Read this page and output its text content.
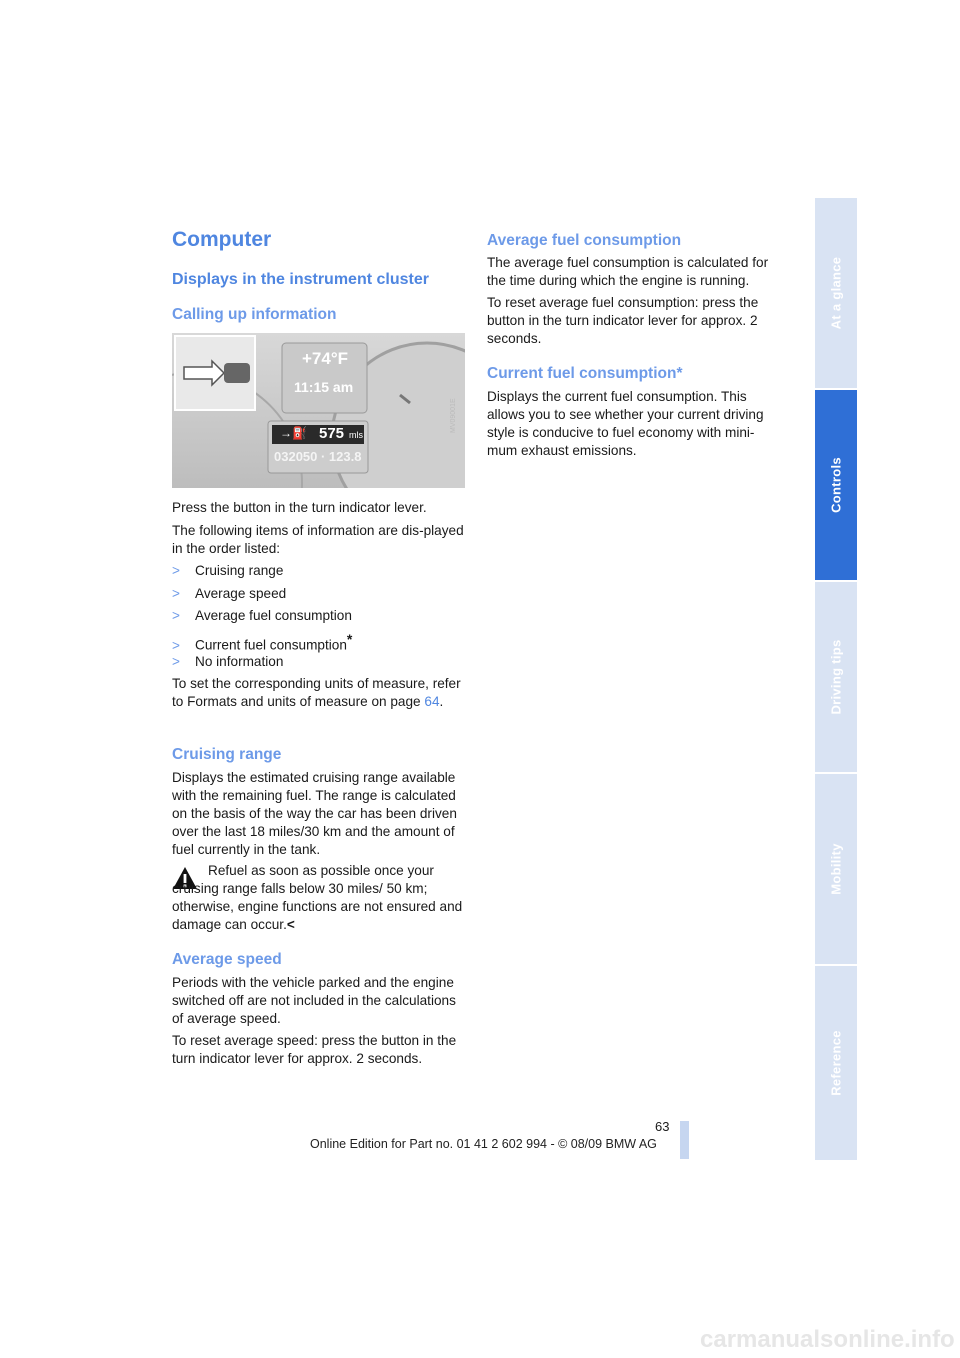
At a glance
Controls
Driving tips
Mobility
Reference
Computer
Displays in the instrument cluster
Calling up information
+74°F
11:15 am
→⛽ 575 mls
032050 · 123.8
MV09001E

Press the button in the turn indicator lever.

The following items of information are dis-played in the order listed:

> Cruising range
> Average speed
> Average fuel consumption
> Current fuel consumption*
> No information

To set the corresponding units of measure, refer to Formats and units of measure on page 64.

Cruising range

Displays the estimated cruising range available with the remaining fuel. The range is calculated on the basis of the way the car has been driven over the last 18 miles/30 km and the amount of fuel currently in the tank.

Refuel as soon as possible once your cruising range falls below 30 miles/ 50 km; otherwise, engine functions are not ensured and damage can occur.<

Average speed

Periods with the vehicle parked and the engine switched off are not included in the calculations of average speed.

To reset average speed: press the button in the turn indicator lever for approx. 2 seconds.

Average fuel consumption

The average fuel consumption is calculated for the time during which the engine is running.

To reset average fuel consumption: press the button in the turn indicator lever for approx. 2 seconds.

Current fuel consumption*

Displays the current fuel consumption. This allows you to see whether your current driving style is conducive to fuel economy with mini-mum exhaust emissions.

63
Online Edition for Part no. 01 41 2 602 994 - © 08/09 BMW AG
carmanualsonline.info
